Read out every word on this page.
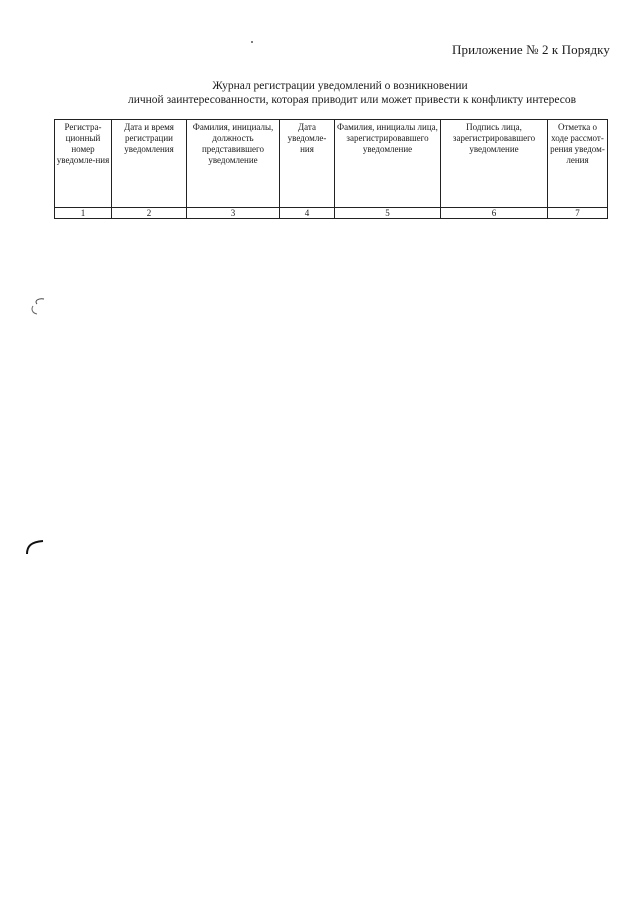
Приложение № 2 к Порядку
Журнал регистрации уведомлений о возникновении
личной заинтересованности, которая приводит или может привести к конфликту интересов
Регистра-ционный номер уведомле-ния	Дата и время регистрации уведомления	Фамилия, инициалы, должность представившего уведомление	Дата уведомле-ния	Фамилия, инициалы лица, зарегистрировавшего уведомление	Подпись лица, зарегистрировавшего уведомление	Отметка о ходе рассмот-рения уведом-ления
1	2	3	4	5	6	7
